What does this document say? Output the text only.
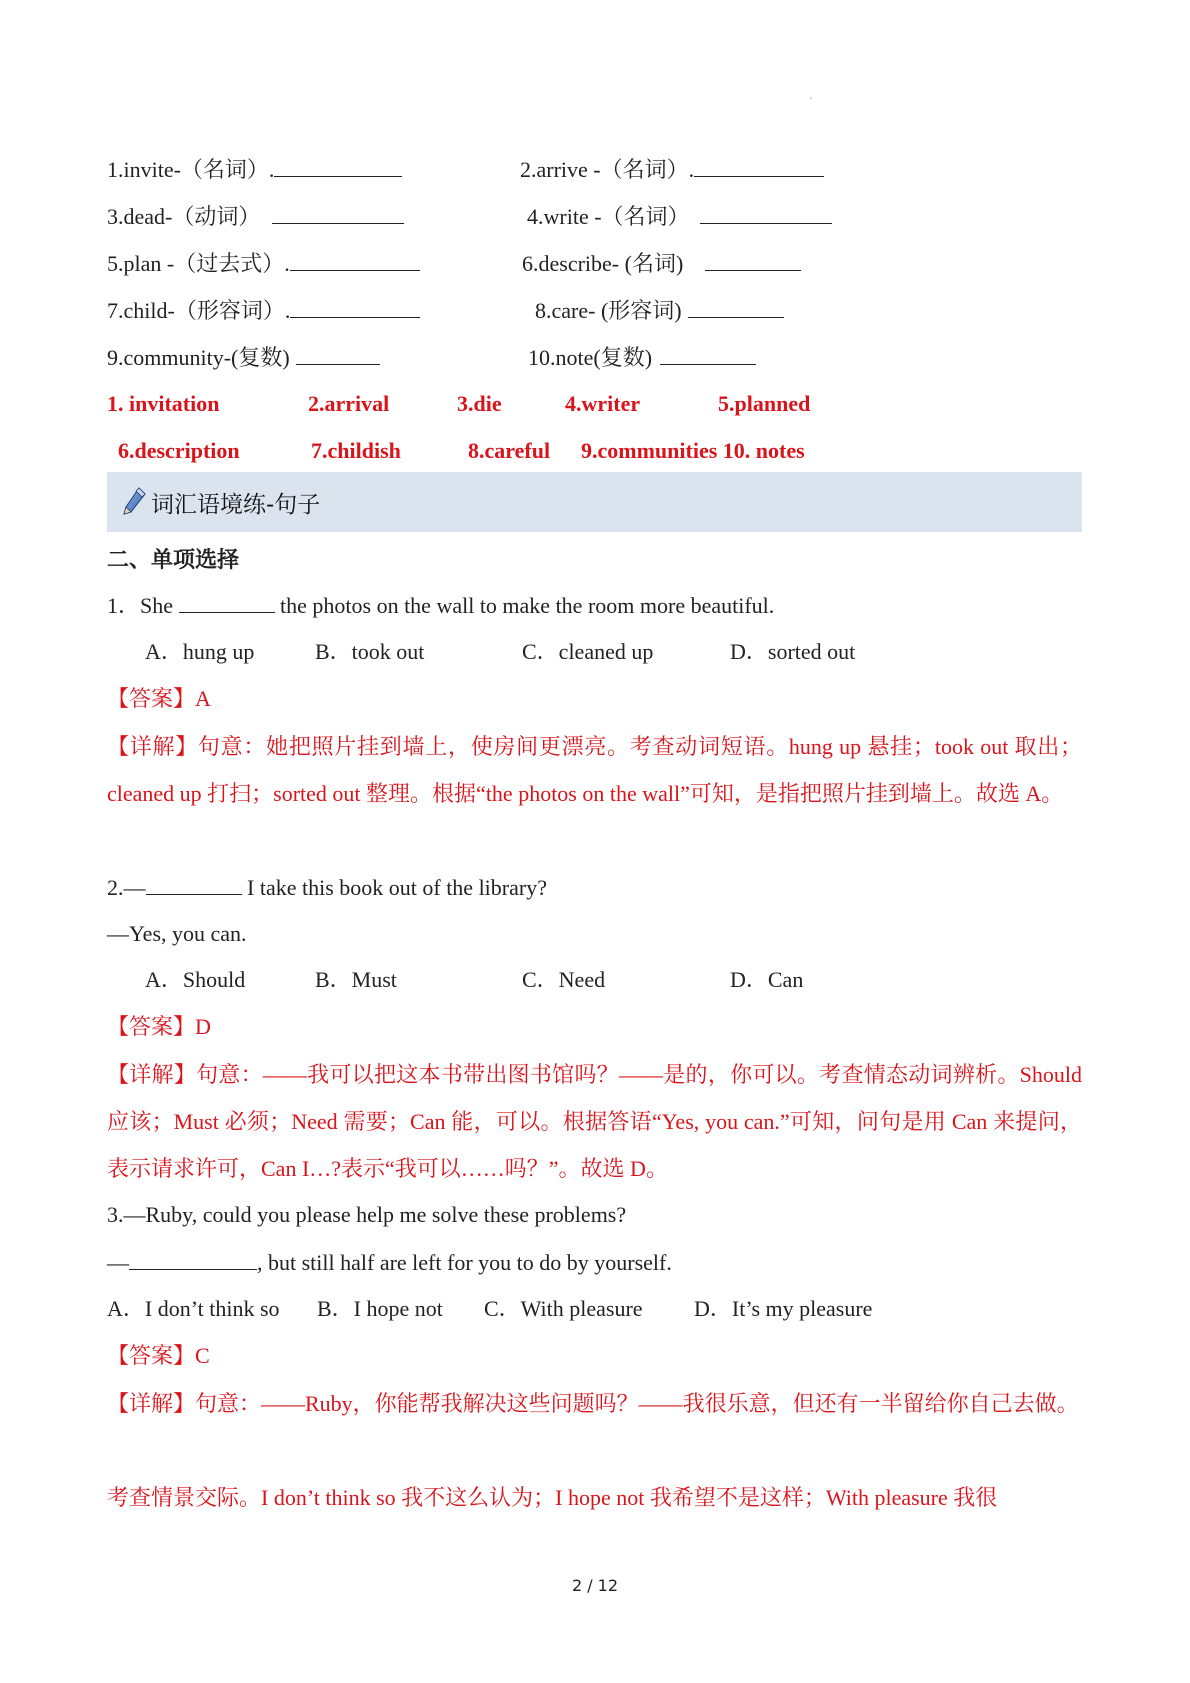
'
1.invite-（名词）.	2.arrive -（名词）.
3.dead-（动词）	4.write -（名词）
5.plan -（过去式）.	6.describe- (名词)
7.child-（形容词）.	8.care- (形容词)
9.community-(复数)	10.note(复数)
1. invitation	2.arrival	3.die	4.writer	5.planned
6.description	7.childish	8.careful 9.communities 10. notes
词汇语境练-句子
二、单项选择
1．She	the photos on the wall to make the room more beautiful.
A．hung up	B．took out	C．cleaned up	D．sorted out
【答案】A
【详解】句意：她把照片挂到墙上，使房间更漂亮。考查动词短语。hung up 悬挂；took out 取出；cleaned up 打扫；sorted out 整理。根据“the photos on the wall”可知，是指把照片挂到墙上。故选 A。
2.—	I take this book out of the library?
—Yes, you can.
A．Should	B．Must	C．Need	D．Can
【答案】D
【详解】句意：——我可以把这本书带出图书馆吗？——是的，你可以。考查情态动词辨析。Should 应该；Must 必须；Need 需要；Can 能，可以。根据答语“Yes, you can.”可知，问句是用 Can 来提问，表示请求许可，Can I…?表示“我可以……吗？”。故选 D。
3.—Ruby, could you please help me solve these problems?
—	, but still half are left for you to do by yourself.
A．I don’t think so B．I hope not C．With pleasure D．It’s my pleasure
【答案】C
【详解】句意：——Ruby，你能帮我解决这些问题吗？——我很乐意，但还有一半留给你自己去做。
考查情景交际。I don’t think so 我不这么认为；I hope not 我希望不是这样；With pleasure 我很
2 / 12
